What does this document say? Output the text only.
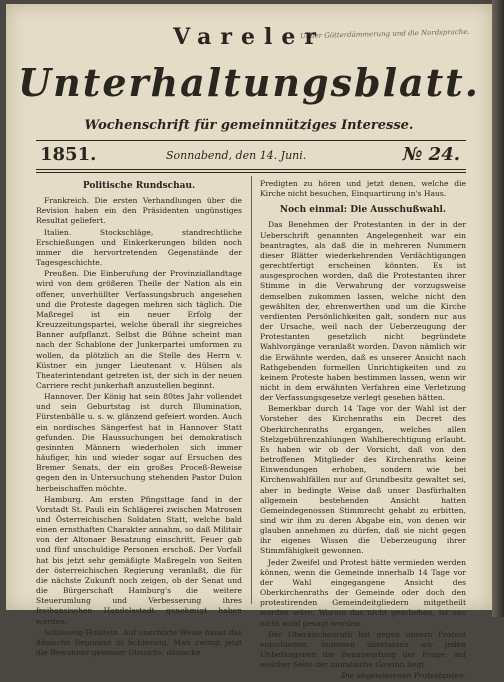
Ueber Götterdämmerung und die Nordsprache.
Vareler
Unterhaltungsblatt.
Wochenschrift für gemeinnütziges Interesse.
1851.	Sonnabend, den 14. Juni.	№ 24.
Politische Rundschau.

Frankreich. Die ersten Verhandlungen über die Revision haben ein den Präsidenten ungünstiges Resultat geliefert.

Italien. Stockschläge, standrechtliche Erschießungen und Einkerkerungen bilden noch immer die hervortretenden Gegenstände der Tagesgeschichte.

Preußen. Die Einberufung der Provinziallandtage wird von dem größeren Theile der Nation als ein offener, unverhüllter Verfassungsbruch angesehen und die Proteste dagegen mehren sich täglich. Die Maßregel ist ein neuer Erfolg der Kreuzzeitungspartei, welche überall ihr siegreiches Banner aufpflanzt. Selbst die Bühne scheint man nach der Schablone der Junkerpartei umformen zu wollen, da plötzlich an die Stelle des Herrn v. Küstner ein junger Lieutenant v. Hülsen als Theaterintendant getreten ist, der sich in der neuen Carriere recht junkerhaft anzustellen beginnt.

Hannover. Der König hat sein 80tes Jahr vollendet und sein Geburtstag ist durch Illumination, Fürstenbälle u. s. w. glänzend gefeiert worden. Auch ein nordisches Sängerfest hat in Hannover Statt gefunden. Die Haussuchungen bei demokratisch gesinnten Männern wiederholen sich immer häufiger, hin und wieder sogar auf Ersuchen des Bremer Senats, der ein großes Proceß-Beweise gegen den in Untersuchung stehenden Pastor Dulon herbeischaffen möchte.

Hamburg. Am ersten Pfingsttage fand in der Vorstadt St. Pauli ein Schlägerei zwischen Matrosen und Österreichischen Soldaten Statt, welche bald einen ernsthaften Charakter annahm, so daß Militair von der Altonaer Besatzung einschritt, Feuer gab und fünf unschuldige Personen erschoß. Der Vorfall hat bis jetzt sehr gemäßigte Maßregeln von Seiten der österreichischen Regierung veranlaßt, die für die nächste Zukunft noch zeigen, ob der Senat und die Bürgerschaft Hamburg's die weitere Steuerumlung und Verbesserung ihres freihansischen Handelsstadt genehmigt haben werden.

Schleswig-Holstein. Auf unerhörte Weise haust das dänische Regiment in Schleswig. Man zwingt jetzt die Bewohner gewisser Districte, dänische

Predigten zu hören und jetzt denen, welche die Kirche nicht besuchen, Einquartirung in's Haus.

Noch einmal: Die Ausschußwahl.

Das Benehmen der Protestanten in der in der Ueberschrift genannten Angelegenheit war ein beantragtes, als daß die in mehreren Nummern dieser Blätter wiederkehrenden Verdächtigungen gerechtfertigt erscheinen könnten. Es ist ausgesprochen worden, daß die Protestanten ihrer Stimme in die Verwahrung der vorzugsweise demselben zukommen lassen, welche nicht den gewählten der, ehrenwerthen und um die Kirche verdienten Persönlichkeiten galt, sondern nur aus der Ursache, weil nach der Ueberzeugung der Protestanten gesetzlich nicht begründete Wahlvorgänge veranlaßt worden. Davon nämlich wir die Erwähnte werden, daß es unserer Ansicht nach Rathgebenden formellen Unrichtigkeiten und zu keinem Proteste haben bestimmen lassen, wenn wir nicht in dem erwähnten Verfahren eine Verletzung der Verfassungsgesetze verlegt gesehen hätten.

Bemerkbar durch 14 Tage vor der Wahl ist der Vorsteher des Kirchenraths ein Decret des Oberkirchenraths ergangen, welches allen Stelzgebührenzahlungen Wahlberechtigung erlaubt. Es haben wir ob der Vorsicht, daß von den betroffenen Mitglieder des Kirchenraths keine Einwendungen erhoben, sondern wie bei Kirchenwahlfällen nur auf Grundbesitz gewaltet sei, aber in bedingte Weise daß unser Dasfürhalten allgemein bestehenden Ansicht hatten Gemeindegenossen Stimmrecht gehabt zu erbitten, sind wir ihm zu deren Abgabe ein, von denen wir glauben annehmen zu dürfen, daß sie nicht gegen ihr eigenes Wissen die Ueberzeugung ihrer Stimmfähigkeit gewonnen.

Jeder Zweifel und Protest hätte vermieden werden können, wenn die Gemeinde innerhalb 14 Tage vor der Wahl eingegangene Ansicht des Oberkirchenraths der Gemeinde oder doch den protestirenden Gemeindeitgliedern mitgetheilt worden wäre. Warum das nicht geschehen, ist uns nicht wohl gesagt worden.

Der Oberkirchenrath hat gegen unsern Protest entschieden. Indessen überlassen wir jeden Unbefangenen die Beantwortung der Frage, auf welcher Seite der moralische Gewinn liegt.

Die abgewiesenen Protestanten.
